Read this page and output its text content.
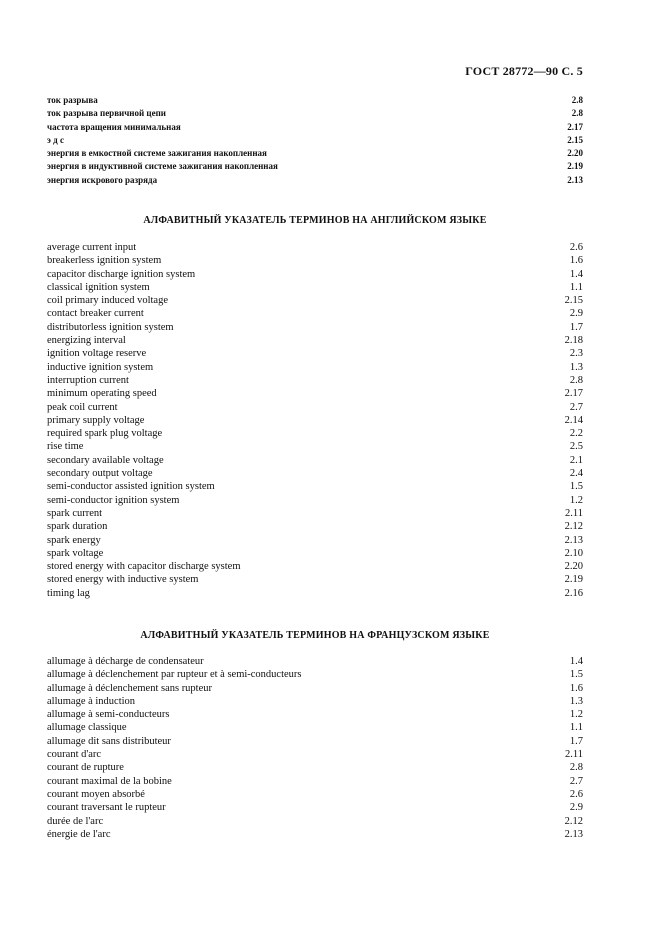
ГОСТ 28772—90 С. 5
ток разрыва	2.8
ток разрыва первичной цепи	2.8
частота вращения минимальная	2.17
э д с	2.15
энергия в емкостной системе зажигания накопленная	2.20
энергия в индуктивной системе зажигания накопленная	2.19
энергия искрового разряда	2.13
АЛФАВИТНЫЙ УКАЗАТЕЛЬ ТЕРМИНОВ НА АНГЛИЙСКОМ ЯЗЫКЕ
average current input	2.6
breakerless ignition system	1.6
capacitor discharge ignition system	1.4
classical ignition system	1.1
coil primary induced voltage	2.15
contact breaker current	2.9
distributorless ignition system	1.7
energizing interval	2.18
ignition voltage reserve	2.3
inductive ignition system	1.3
interruption current	2.8
minimum operating speed	2.17
peak coil current	2.7
primary supply voltage	2.14
required spark plug voltage	2.2
rise time	2.5
secondary available voltage	2.1
secondary output voltage	2.4
semi-conductor assisted ignition system	1.5
semi-conductor ignition system	1.2
spark current	2.11
spark duration	2.12
spark energy	2.13
spark voltage	2.10
stored energy with capacitor discharge system	2.20
stored energy with inductive system	2.19
timing lag	2.16
АЛФАВИТНЫЙ УКАЗАТЕЛЬ ТЕРМИНОВ НА ФРАНЦУЗСКОМ ЯЗЫКЕ
allumage à décharge de condensateur	1.4
allumage à déclenchement par rupteur et à semi-conducteurs	1.5
allumage à déclenchement sans rupteur	1.6
allumage à induction	1.3
allumage à semi-conducteurs	1.2
allumage classique	1.1
allumage dit sans distributeur	1.7
courant d'arc	2.11
courant de rupture	2.8
courant maximal de la bobine	2.7
courant moyen absorbé	2.6
courant traversant le rupteur	2.9
durée de l'arc	2.12
énergie de l'arc	2.13
